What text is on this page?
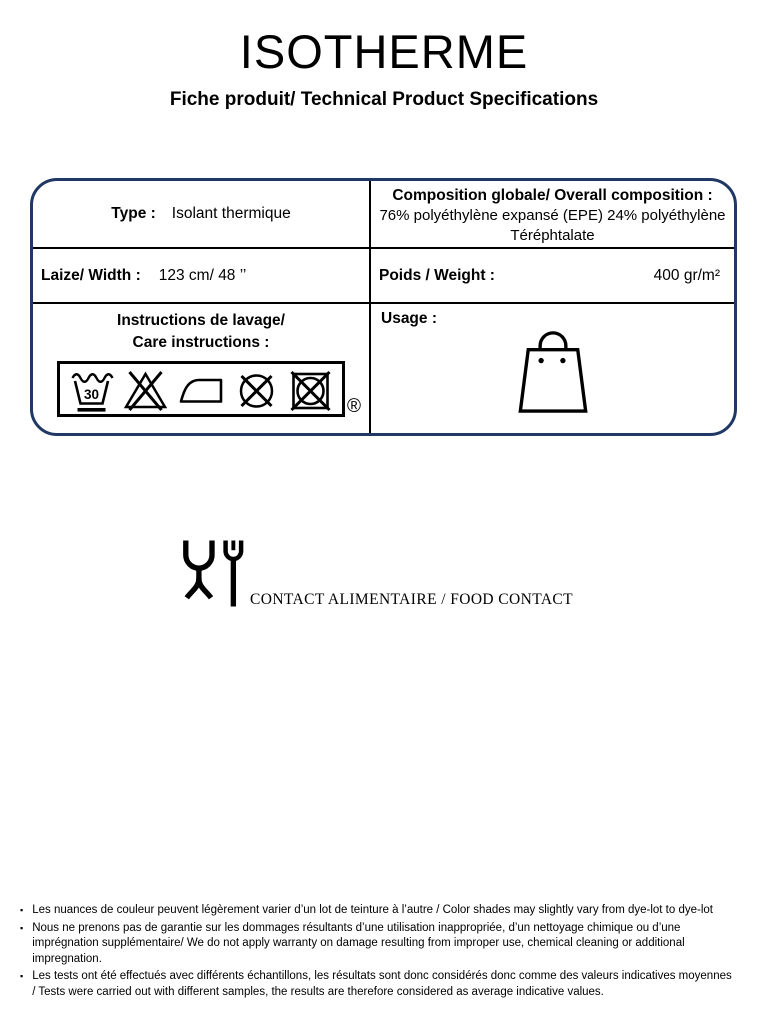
ISOTHERME
Fiche produit/ Technical Product Specifications
Type : Isolant thermique
Composition globale/ Overall composition :
76% polyéthylène expansé (EPE) 24% polyéthylène Téréphtalate
Laize/ Width : 123 cm/ 48 ’’	Poids / Weight :	400 gr/m²
Instructions de lavage/
Care instructions :
30
®
Usage :
CONTACT ALIMENTAIRE / FOOD CONTACT
▪ Les nuances de couleur peuvent légèrement varier d’un lot de teinture à l’autre / Color shades may slightly vary from dye-lot to dye-lot
▪ Nous ne prenons pas de garantie sur les dommages résultants d’une utilisation inappropriée, d’un nettoyage chimique ou d’une imprégnation supplémentaire/ We do not apply warranty on damage resulting from improper use, chemical cleaning or additional impregnation.
▪ Les tests ont été effectués avec différents échantillons, les résultats sont donc considérés donc comme des valeurs indicatives moyennes / Tests were carried out with different samples, the results are therefore considered as average indicative values.
